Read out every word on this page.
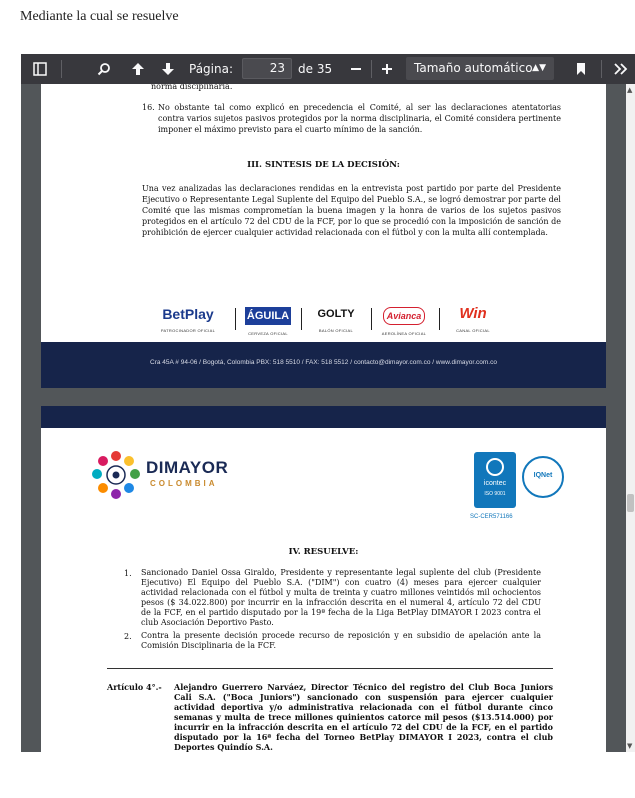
Mediante la cual se resuelve
Página:	23	de 35	Tamaño automático ▲▼
norma disciplinaria.
16. No obstante tal como explicó en precedencia el Comité, al ser las declaraciones atentatorias contra varios sujetos pasivos protegidos por la norma disciplinaria, el Comité considera pertinente imponer el máximo previsto para el cuarto mínimo de la sanción.
III. SINTESIS DE LA DECISIÓN:
Una vez analizadas las declaraciones rendidas en la entrevista post partido por parte del Presidente Ejecutivo o Representante Legal Suplente del Equipo del Pueblo S.A., se logró demostrar por parte del Comité que las mismas comprometían la buena imagen y la honra de varios de los sujetos pasivos protegidos en el artículo 72 del CDU de la FCF, por lo que se procedió con la imposición de sanción de prohibición de ejercer cualquier actividad relacionada con el fútbol y con la multa allí contemplada.
BetPlay
PATROCINADOR OFICIAL
ÁGUILA
CERVEZA OFICIAL
GOLTY
BALÓN OFICIAL
Avianca
AEROLÍNEA OFICIAL
Win
CANAL OFICIAL
Cra 45A # 94-06 / Bogotá, Colombia PBX: 518 5510 / FAX: 518 5512 / contacto@dimayor.com.co / www.dimayor.com.co
DIMAYOR
COLOMBIA	icontec
ISO 9001
IQNet
SC-CER571166
IV. RESUELVE:
1. Sancionado Daniel Ossa Giraldo, Presidente y representante legal suplente del club (Presidente Ejecutivo) El Equipo del Pueblo S.A. ("DIM") con cuatro (4) meses para ejercer cualquier actividad relacionada con el fútbol y multa de treinta y cuatro millones veintidós mil ochocientos pesos ($ 34.022.800) por incurrir en la infracción descrita en el numeral 4, artículo 72 del CDU de la FCF, en el partido disputado por la 19ª fecha de la Liga BetPlay DIMAYOR I 2023 contra el club Asociación Deportivo Pasto.
2. Contra la presente decisión procede recurso de reposición y en subsidio de apelación ante la Comisión Disciplinaria de la FCF.
Artículo 4°.- Alejandro Guerrero Narváez, Director Técnico del registro del Club Boca Juniors Cali S.A. ("Boca Juniors") sancionado con suspensión para ejercer cualquier actividad deportiva y/o administrativa relacionada con el fútbol durante cinco semanas y multa de trece millones quinientos catorce mil pesos ($13.514.000) por incurrir en la infracción descrita en el artículo 72 del CDU de la FCF, en el partido disputado por la 16ª fecha del Torneo BetPlay DIMAYOR I 2023, contra el club Deportes Quindío S.A.
▲
▼
